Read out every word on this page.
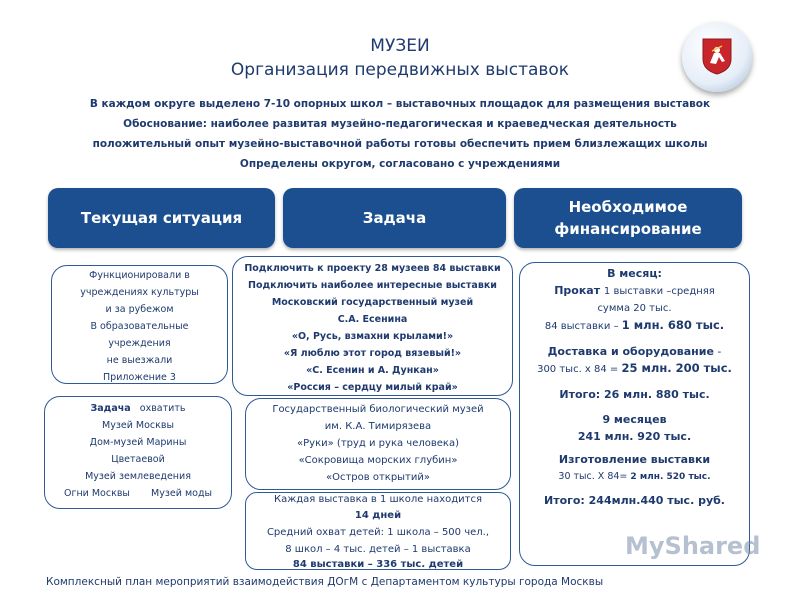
МУЗЕИ
Организация передвижных выставок
В каждом округе выделено 7-10 опорных школ – выставочных площадок для размещения выставок
Обоснование: наиболее развитая музейно-педагогическая и краеведческая деятельность
положительный опыт музейно-выставочной работы готовы обеспечить прием близлежащих школы
Определены округом, согласовано с учреждениями
Текущая ситуация	Задача
Необходимое
финансирование
Функционировали в
учреждениях культуры
и за рубежом
В образовательные
учреждения
не выезжали
Приложение 3
Задача охватить
Музей Москвы
Дом-музей Марины
Цветаевой
Музей землеведения
Огни Москвы       Музей моды
Подключить к проекту 28 музеев 84 выставки
Подключить наиболее интересные выставки
Московский государственный музей
С.А. Есенина
«О, Русь, взмахни крылами!»
«Я люблю этот город вязевый!»
«С. Есенин и А. Дункан»
«Россия – сердцу милый край»
Государственный биологический музей
им. К.А. Тимирязева
«Руки» (труд и рука человека)
«Сокровища морских глубин»
«Остров открытий»
Каждая выставка в 1 школе находится
14 дней
Средний охват детей: 1 школа – 500 чел.,
8 школ – 4 тыс. детей – 1 выставка
84 выставки – 336 тыс. детей
В месяц:
Прокат 1 выставки –средняя
сумма 20 тыс.
84 выставки – 1 млн. 680 тыс.
Доставка и оборудование -
300 тыс. х 84 = 25 млн. 200 тыс.
Итого: 26 млн. 880 тыс.
9 месяцев
241 млн. 920 тыс.
Изготовление выставки
30 тыс. Х 84= 2 млн. 520 тыс.
Итого: 244млн.440 тыс. руб.
MyShared
Комплексный план мероприятий взаимодействия ДОгМ с Департаментом культуры города Москвы
